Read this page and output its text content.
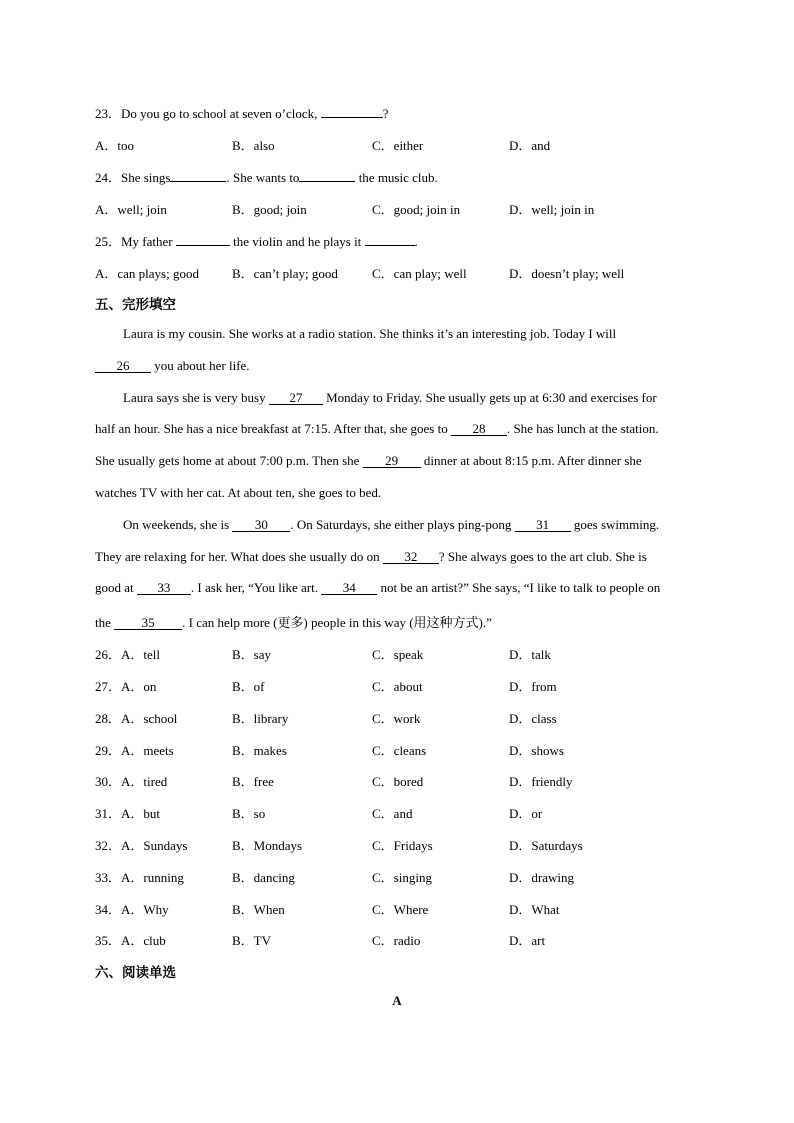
23．Do you go to school at seven o’clock,	?
A．too	B．also	C．either	D．and
24．She sings	. She wants to	the music club.
A．well; join	B．good; join	C．good; join in	D．well; join in
25．My father	the violin and he plays it	.
A．can plays; good	B．can’t play; good	C．can play; well	D．doesn’t play; well
五、完形填空
Laura is my cousin. She works at a radio station. She thinks it’s an interesting job. Today I will
26 you about her life.
Laura says she is very busy 27 Monday to Friday. She usually gets up at 6:30 and exercises for
half an hour. She has a nice breakfast at 7:15. After that, she goes to 28 . She has lunch at the station.
She usually gets home at about 7:00 p.m. Then she 29 dinner at about 8:15 p.m. After dinner she
watches TV with her cat. At about ten, she goes to bed.
On weekends, she is 30 . On Saturdays, she either plays ping-pong 31 goes swimming.
They are relaxing for her. What does she usually do on 32 ? She always goes to the art club. She is
good at 33 . I ask her, “You like art. 34 not be an artist?” She says, “I like to talk to people on
the 35 . I can help more (更多) people in this way (用这种方式).”
26．A．tell	B．say	C．speak	D．talk
27．A．on	B．of	C．about	D．from
28．A．school	B．library	C．work	D．class
29．A．meets	B．makes	C．cleans	D．shows
30．A．tired	B．free	C．bored	D．friendly
31．A．but	B．so	C．and	D．or
32．A．Sundays	B．Mondays	C．Fridays	D．Saturdays
33．A．running	B．dancing	C．singing	D．drawing
34．A．Why	B．When	C．Where	D．What
35．A．club	B．TV	C．radio	D．art
六、阅读单选
A
